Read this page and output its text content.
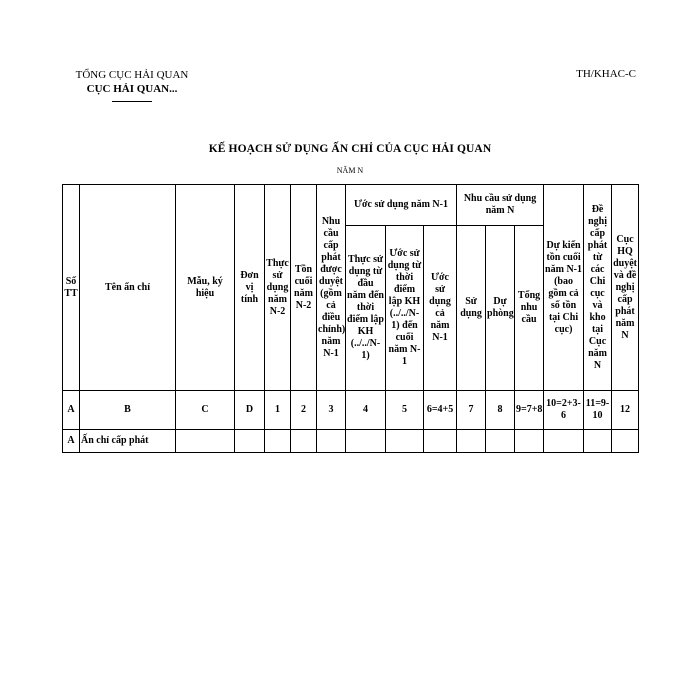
TỔNG CỤC HẢI QUAN
CỤC HẢI QUAN...
TH/KHAC-C
KẾ HOẠCH SỬ DỤNG ẤN CHỈ CỦA CỤC HẢI QUAN
NĂM N
Số TT	Tên ấn chỉ	Mẫu, ký hiệu	Đơn vị tính	Thực sử dụng năm N-2	Tồn cuối năm N-2	Nhu cầu cấp phát được duyệt (gồm cả điều chỉnh) năm N-1	Ước sử dụng năm N-1			Nhu cầu sử dụng năm N			Dự kiến tồn cuối năm N-1 (bao gồm cả số tồn tại Chi cục)	Đề nghị cấp phát từ các Chi cục và kho tại Cục năm N	Cục HQ duyệt và đề nghị cấp phát năm N
							Thực sử dụng từ đầu năm đến thời điểm lập KH (../../N-1)	Ước sử dụng từ thời điểm lập KH (../../N-1) đến cuối năm N-1	Ước sử dụng cả năm N-1	Sử dụng	Dự phòng	Tổng nhu cầu			
A	B	C	D	1	2	3	4	5	6=4+5	7	8	9=7+8	10=2+3-6	11=9-10	12
A	Ấn chỉ cấp phát														
